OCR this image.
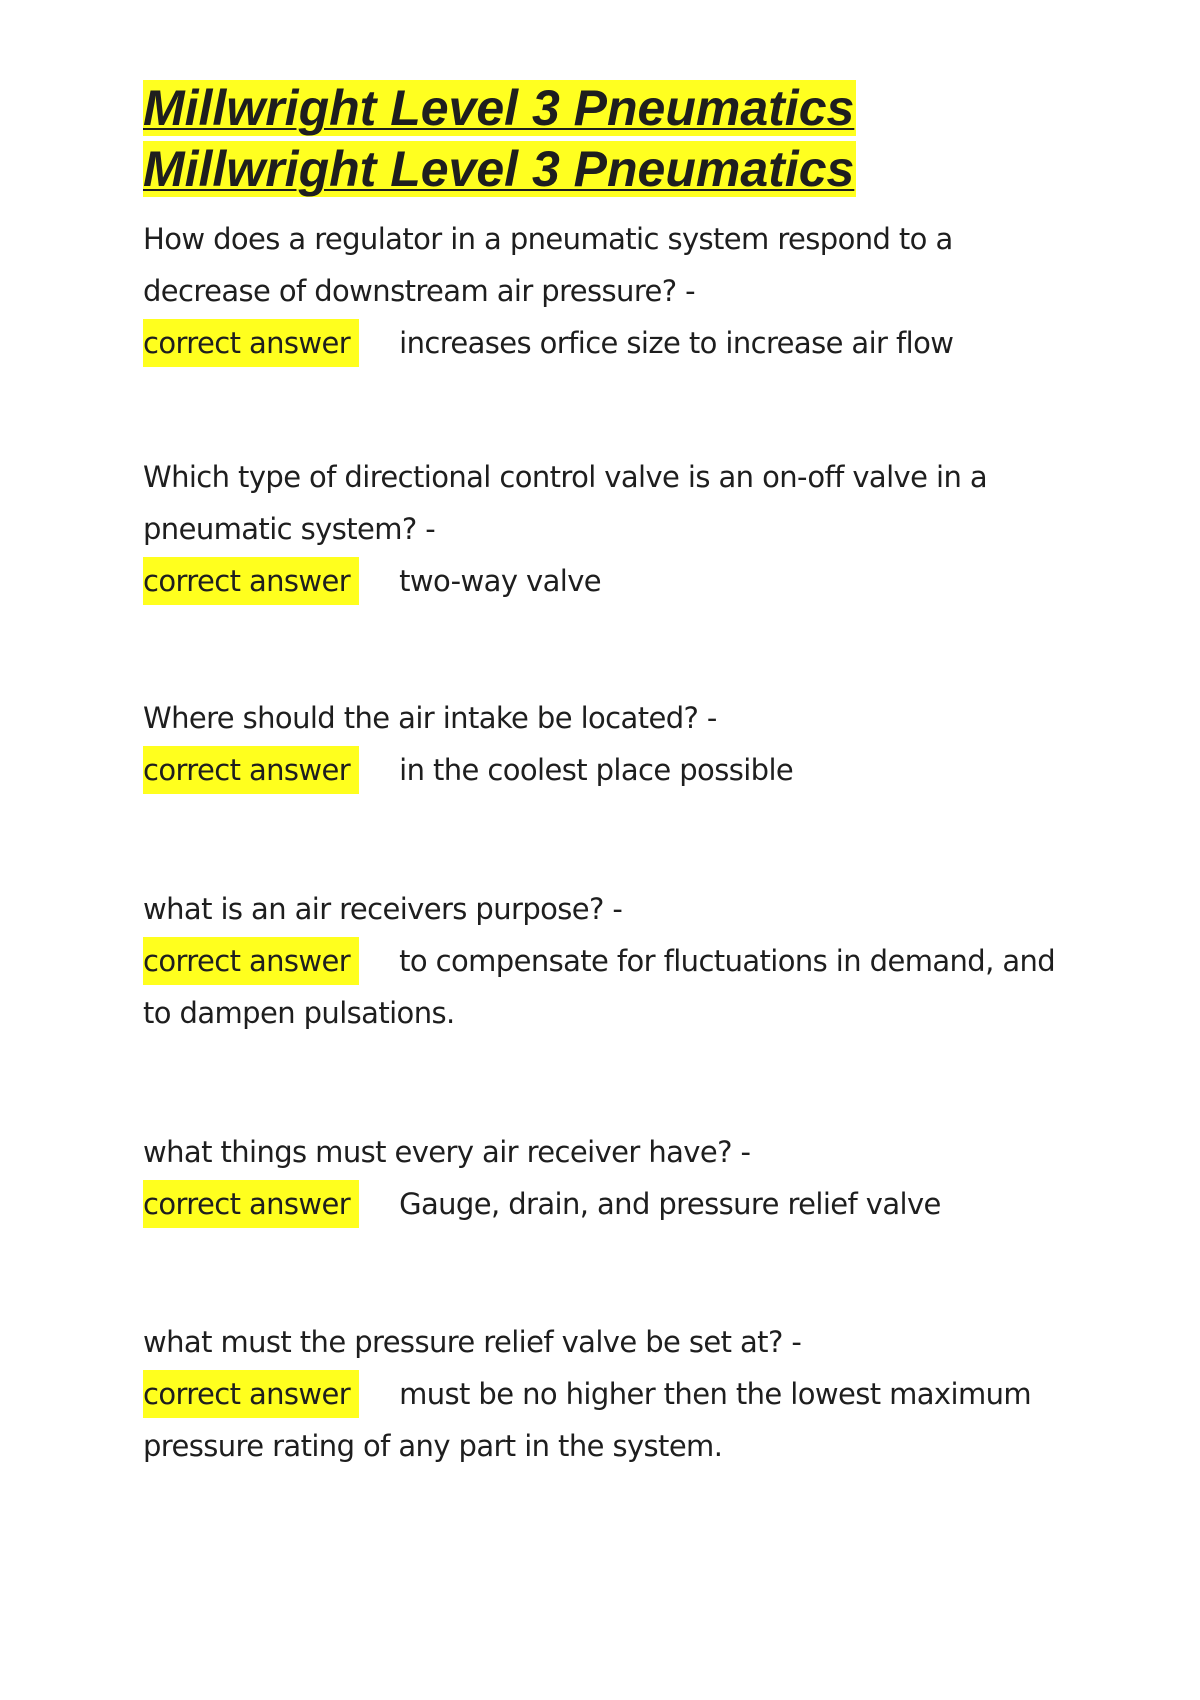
Millwright Level 3 Pneumatics Millwright Level 3 Pneumatics

How does a regulator in a pneumatic system respond to a decrease of downstream air pressure? -

correct answer increases orfice size to increase air flow

Which type of directional control valve is an on-off valve in a pneumatic system? -

correct answer two-way valve

Where should the air intake be located? -

correct answer in the coolest place possible

what is an air receivers purpose? -

correct answer to compensate for fluctuations in demand, and to dampen pulsations.

what things must every air receiver have? -

correct answer Gauge, drain, and pressure relief valve

what must the pressure relief valve be set at? -

correct answer must be no higher then the lowest maximum pressure rating of any part in the system.
